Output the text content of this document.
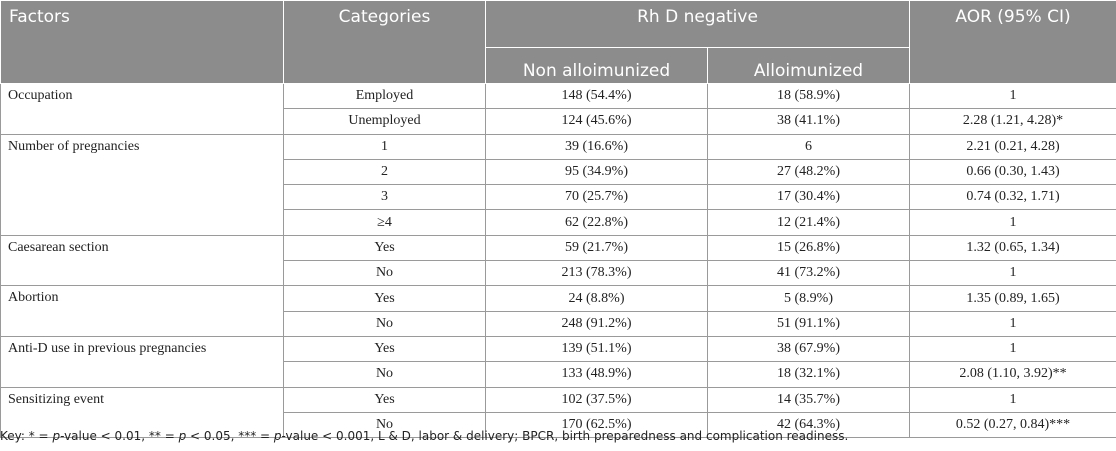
Factors	Categories	Rh D negative		AOR (95% CI)
		Non alloimunized	Alloimunized	
Occupation	Employed	148 (54.4%)	18 (58.9%)	1
	Unemployed	124 (45.6%)	38 (41.1%)	2.28 (1.21, 4.28)*
Number of pregnancies	1	39 (16.6%)	6	2.21 (0.21, 4.28)
	2	95 (34.9%)	27 (48.2%)	0.66 (0.30, 1.43)
	3	70 (25.7%)	17 (30.4%)	0.74 (0.32, 1.71)
	≥4	62 (22.8%)	12 (21.4%)	1
Caesarean section	Yes	59 (21.7%)	15 (26.8%)	1.32 (0.65, 1.34)
	No	213 (78.3%)	41 (73.2%)	1
Abortion	Yes	24 (8.8%)	5 (8.9%)	1.35 (0.89, 1.65)
	No	248 (91.2%)	51 (91.1%)	1
Anti-D use in previous pregnancies	Yes	139 (51.1%)	38 (67.9%)	1
	No	133 (48.9%)	18 (32.1%)	2.08 (1.10, 3.92)**
Sensitizing event	Yes	102 (37.5%)	14 (35.7%)	1
	No	170 (62.5%)	42 (64.3%)	0.52 (0.27, 0.84)***
Key: * = p-value < 0.01, ** = p < 0.05, *** = p-value < 0.001, L & D, labor & delivery; BPCR, birth preparedness and complication readiness.
